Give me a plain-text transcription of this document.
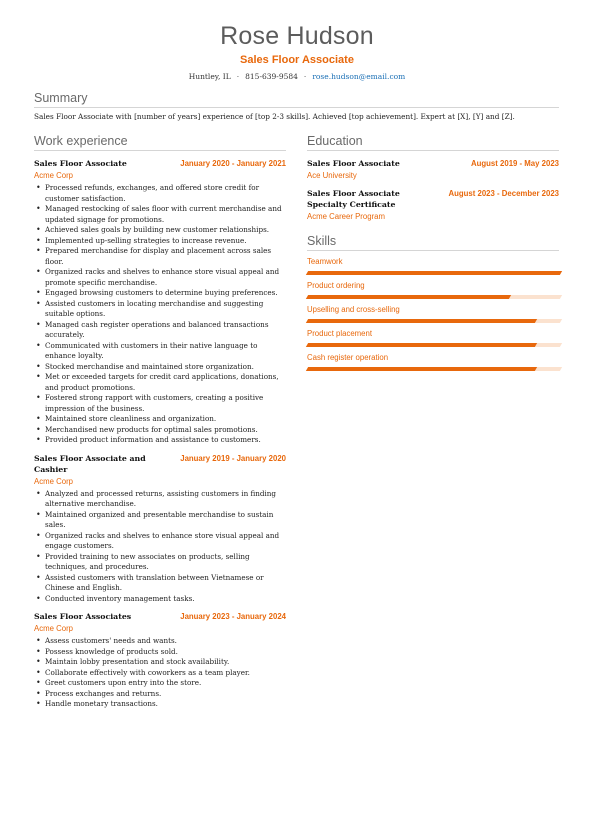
Rose Hudson
Sales Floor Associate
Huntley, IL · 815-639-9584 · rose.hudson@email.com
Summary
Sales Floor Associate with [number of years] experience of [top 2-3 skills]. Achieved [top achievement]. Expert at [X], [Y] and [Z].
Work experience
Sales Floor Associate	January 2020 - January 2021
Acme Corp
• Processed refunds, exchanges, and offered store credit for customer satisfaction.
• Managed restocking of sales floor with current merchandise and updated signage for promotions.
• Achieved sales goals by building new customer relationships.
• Implemented up-selling strategies to increase revenue.
• Prepared merchandise for display and placement across sales floor.
• Organized racks and shelves to enhance store visual appeal and promote specific merchandise.
• Engaged browsing customers to determine buying preferences.
• Assisted customers in locating merchandise and suggesting suitable options.
• Managed cash register operations and balanced transactions accurately.
• Communicated with customers in their native language to enhance loyalty.
• Stocked merchandise and maintained store organization.
• Met or exceeded targets for credit card applications, donations, and product promotions.
• Fostered strong rapport with customers, creating a positive impression of the business.
• Maintained store cleanliness and organization.
• Merchandised new products for optimal sales promotions.
• Provided product information and assistance to customers.
Sales Floor Associate and Cashier
January 2019 - January 2020
Acme Corp
• Analyzed and processed returns, assisting customers in finding alternative merchandise.
• Maintained organized and presentable merchandise to sustain sales.
• Organized racks and shelves to enhance store visual appeal and engage customers.
• Provided training to new associates on products, selling techniques, and procedures.
• Assisted customers with translation between Vietnamese or Chinese and English.
• Conducted inventory management tasks.
Sales Floor Associates	January 2023 - January 2024
Acme Corp
• Assess customers' needs and wants.
• Possess knowledge of products sold.
• Maintain lobby presentation and stock availability.
• Collaborate effectively with coworkers as a team player.
• Greet customers upon entry into the store.
• Process exchanges and returns.
• Handle monetary transactions.
Education
Sales Floor Associate	August 2019 - May 2023
Ace University
Sales Floor Associate Specialty Certificate
August 2023 - December 2023
Acme Career Program
Skills
Teamwork
Product ordering
Upselling and cross-selling
Product placement
Cash register operation
